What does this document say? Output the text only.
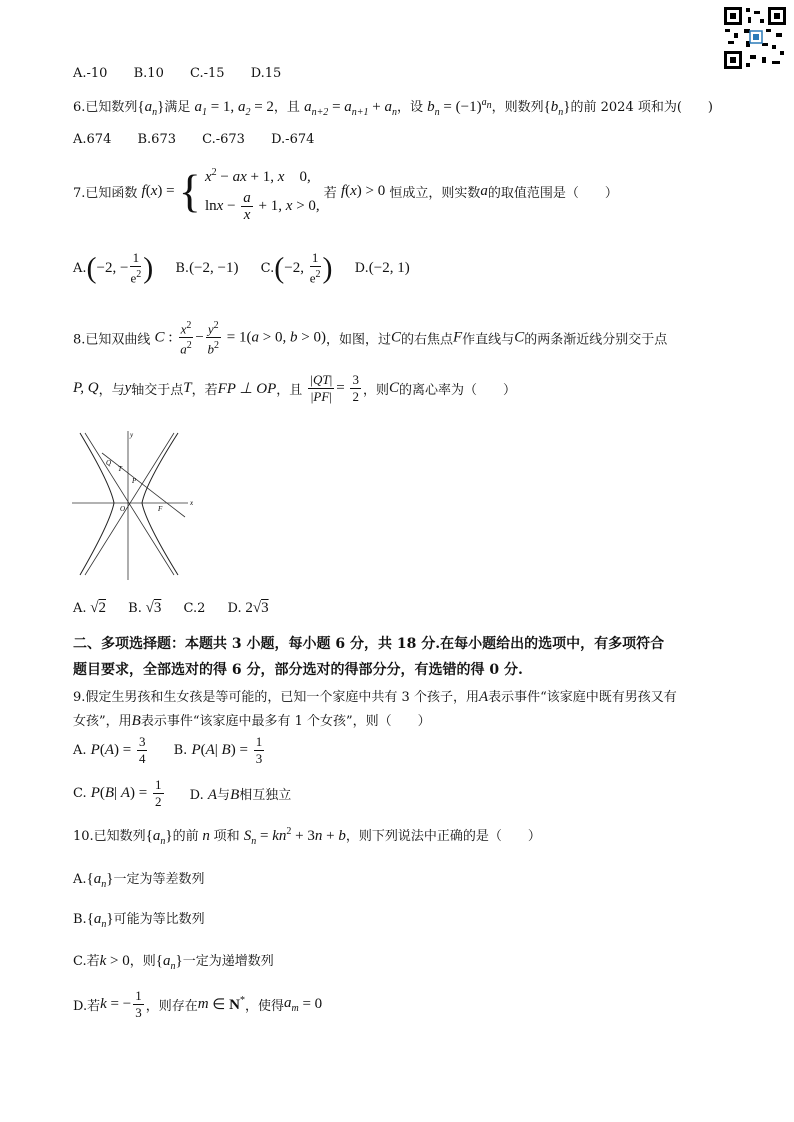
A.-10 B.10 C.-15 D.15
6.已知数列$\{a_n\}$满足 $a_1 = 1$, $a_2 = 2$，且 $a_{n+2} = a_{n+1} + a_n$，设 $b_n = (-1)^{a_n}$，则数列$\{b_n\}$的前 2024 项和为(　　)
A.674 B.673 C.-673 D.-674
7.已知函数 f(x) = { $x^2$ − ax + 1, x　0,
$\ln x - \frac{a}{x} + 1$, x > 0,
若 f(x) > 0 恒成立，则实数a的取值范围是（　　）
A.(−2, − $\frac{1}{e^2}$ ) B.(−2, −1) C.(−2, $\frac{1}{e^2}$ ) D.(−2, 1)
8.已知双曲线 C : $\frac{x^2}{a^2} - \frac{y^2}{b^2} = 1(a > 0$, b > 0)，如图，过C的右焦点F作直线与C的两条渐近线分别交于点
P, Q，与y轴交于点T，若FP ⊥ OP，且 $\frac{|QT|}{|PF|} = \frac{3}{2}$ ，则C的离心率为（　　）
Q
T
P
O	F
x
y
A. √2 B. √3 C.2 D. 2√3
二、多项选择题：本题共 3 小题，每小题 6 分，共 18 分.在每小题给出的选项中，有多项符合
题目要求，全部选对的得 6 分，部分选对的得部分分，有选错的得 0 分.
9.假定生男孩和生女孩是等可能的，已知一个家庭中共有 3 个孩子，用A表示事件“该家庭中既有男孩又有
女孩”，用B表示事件“该家庭中最多有 1 个女孩”，则（　　）
A. $P(A) = \frac{3}{4} B$. P(A| $B) = \frac{1}{3}$
C. P(B| $A) = \frac{1}{2} D$. A与B相互独立
10.已知数列$\{a_n\}$的前 n 项和 $S_n = kn^2 + 3n + b$，则下列说法中正确的是（　　）
$A.\{a_n\}$一定为等差数列
$B.\{a_n\}$可能为等比数列
C.若k > 0，则$\{a_n\}$一定为递增数列
D.若k = − $\frac{1}{3}$ ，则存在m ∈ N*，使得$a_m = 0$
